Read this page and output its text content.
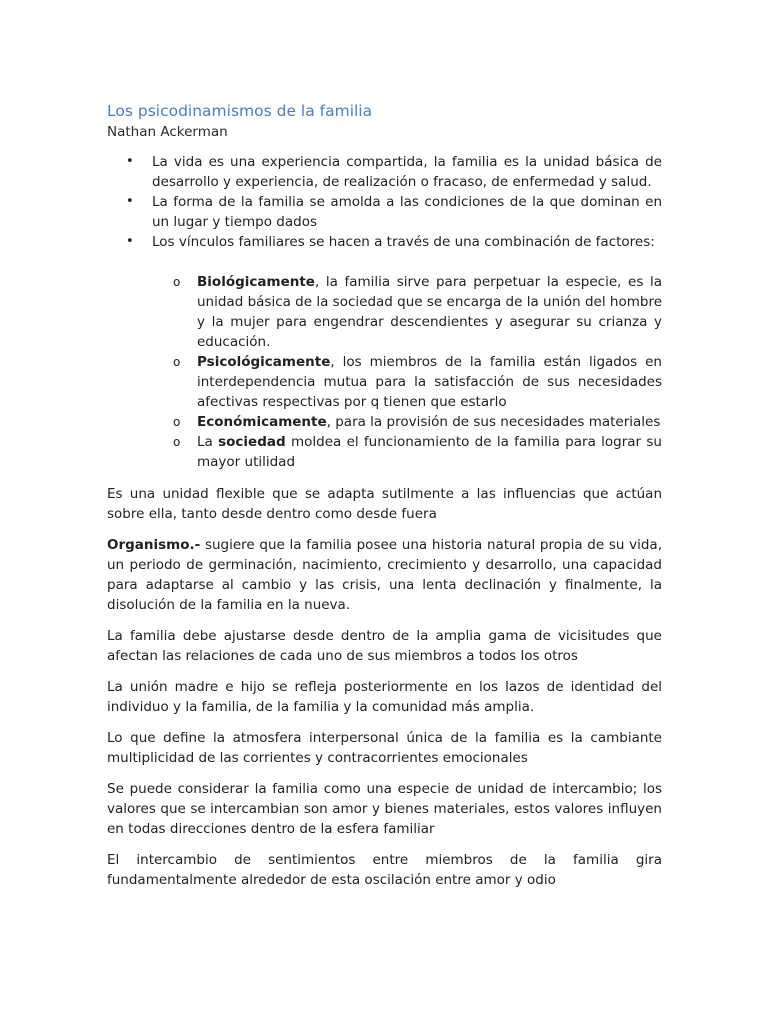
Los psicodinamismos de la familia
Nathan Ackerman
• La vida es una experiencia compartida, la familia es la unidad básica de desarrollo y experiencia, de realización o fracaso, de enfermedad y salud.
• La forma de la familia se amolda a las condiciones de la que dominan en un lugar y tiempo dados
• Los vínculos familiares se hacen a través de una combinación de factores:
o Biológicamente, la familia sirve para perpetuar la especie, es la unidad básica de la sociedad que se encarga de la unión del hombre y la mujer para engendrar descendientes y asegurar su crianza y educación.
o Psicológicamente, los miembros de la familia están ligados en interdependencia mutua para la satisfacción de sus necesidades afectivas respectivas por q tienen que estarlo
o Económicamente, para la provisión de sus necesidades materiales
o La sociedad moldea el funcionamiento de la familia para lograr su mayor utilidad

Es una unidad flexible que se adapta sutilmente a las influencias que actúan sobre ella, tanto desde dentro como desde fuera

Organismo.- sugiere que la familia posee una historia natural propia de su vida, un periodo de germinación, nacimiento, crecimiento y desarrollo, una capacidad para adaptarse al cambio y las crisis, una lenta declinación y finalmente, la disolución de la familia en la nueva.

La familia debe ajustarse desde dentro de la amplia gama de vicisitudes que afectan las relaciones de cada uno de sus miembros a todos los otros

La unión madre e hijo se refleja posteriormente en los lazos de identidad del individuo y la familia, de la familia y la comunidad más amplia.

Lo que define la atmosfera interpersonal única de la familia es la cambiante multiplicidad de las corrientes y contracorrientes emocionales

Se puede considerar la familia como una especie de unidad de intercambio; los valores que se intercambian son amor y bienes materiales, estos valores influyen en todas direcciones dentro de la esfera familiar

El intercambio de sentimientos entre miembros de la familia gira fundamentalmente alrededor de esta oscilación entre amor y odio
